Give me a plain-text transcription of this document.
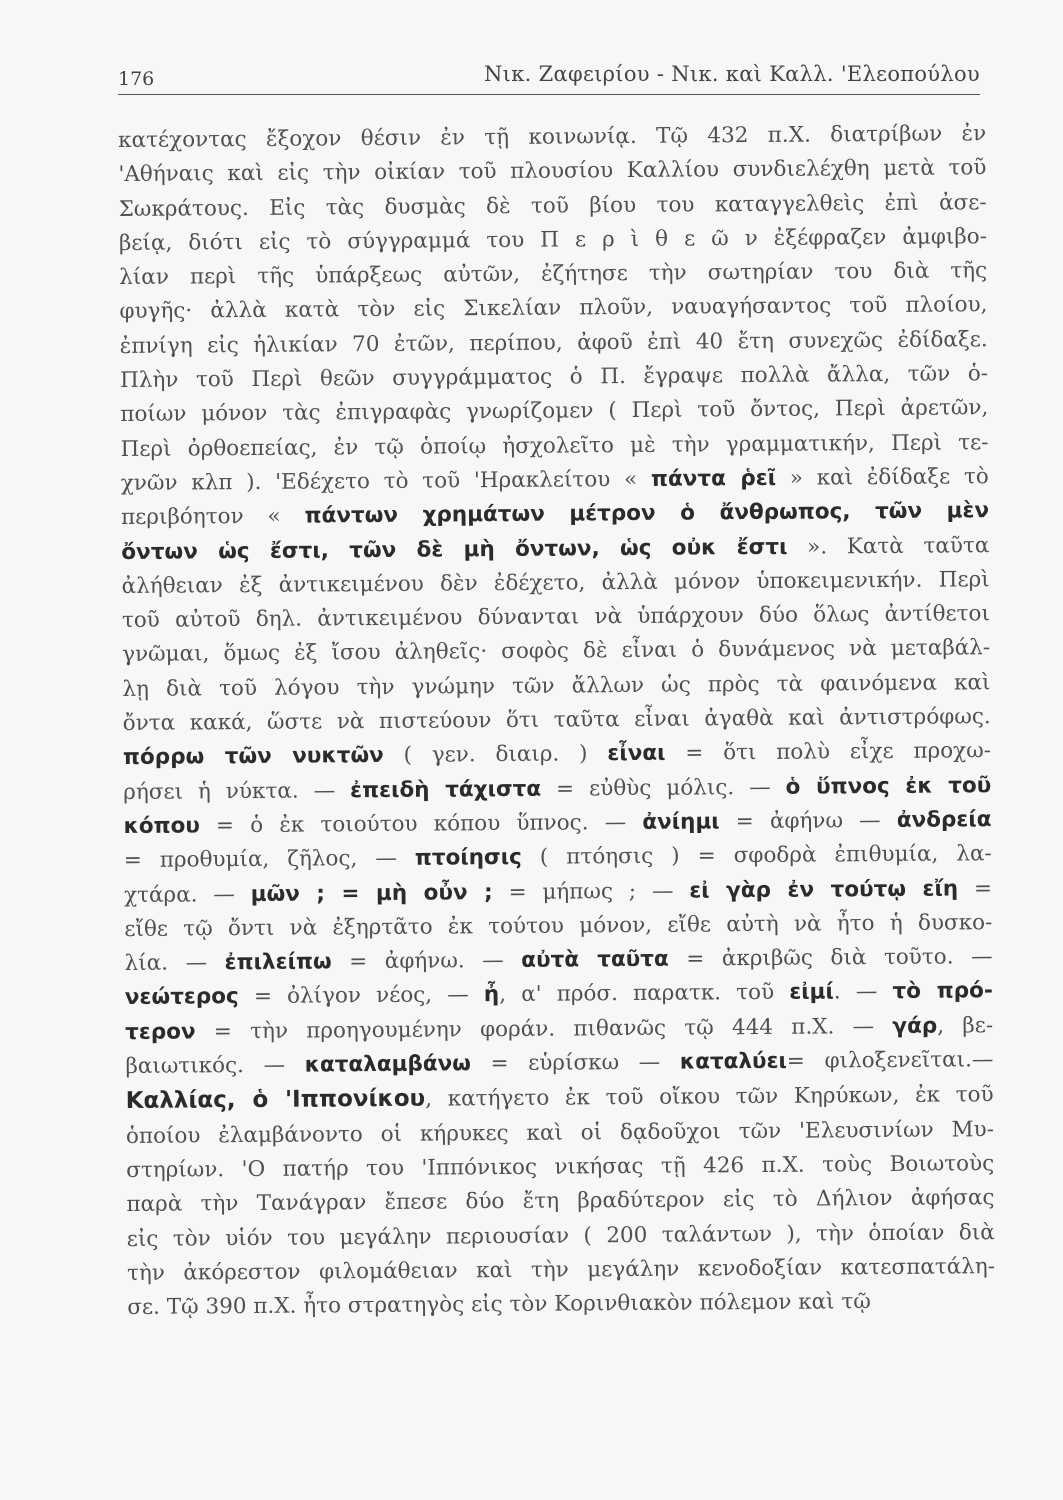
176	Νικ. Ζαφειρίου - Νικ. καὶ Καλλ. 'Ελεοπούλου
κατέχοντας ἔξοχον θέσιν ἐν τῇ κοινωνίᾳ. Τῷ 432 π.Χ. διατρίβων ἐν
'Αθήναις καὶ εἰς τὴν οἰκίαν τοῦ πλουσίου Καλλίου συνδιελέχθη μετὰ τοῦ
Σωκράτους. Εἰς τὰς δυσμὰς δὲ τοῦ βίου του καταγγελθεὶς ἐπὶ ἀσε-
βείᾳ, διότι εἰς τὸ σύγγραμμά του Π ε ρ ὶ θ ε ῶ ν ἐξέφραζεν ἀμφιβο-
λίαν περὶ τῆς ὑπάρξεως αὐτῶν, ἐζήτησε τὴν σωτηρίαν του διὰ τῆς
φυγῆς· ἀλλὰ κατὰ τὸν εἰς Σικελίαν πλοῦν, ναυαγήσαντος τοῦ πλοίου,
ἐπνίγη εἰς ἡλικίαν 70 ἐτῶν, περίπου, ἀφοῦ ἐπὶ 40 ἔτη συνεχῶς ἐδίδαξε.
Πλὴν τοῦ Περὶ θεῶν συγγράμματος ὁ Π. ἔγραψε πολλὰ ἄλλα, τῶν ὁ-
ποίων μόνον τὰς ἐπιγραφὰς γνωρίζομεν ( Περὶ τοῦ ὄντος, Περὶ ἀρετῶν,
Περὶ ὀρθοεπείας, ἐν τῷ ὁποίῳ ἠσχολεῖτο μὲ τὴν γραμματικήν, Περὶ τε-
χνῶν κλπ ). 'Εδέχετο τὸ τοῦ 'Ηρακλείτου « πάντα ῥεῖ » καὶ ἐδίδαξε τὸ
περιβόητον « πάντων χρημάτων μέτρον ὁ ἄνθρωπος, τῶν μὲν
ὄντων ὡς ἔστι, τῶν δὲ μὴ ὄντων, ὡς οὐκ ἔστι ». Κατὰ ταῦτα
ἀλήθειαν ἐξ ἀντικειμένου δὲν ἐδέχετο, ἀλλὰ μόνον ὑποκειμενικήν. Περὶ
τοῦ αὐτοῦ δηλ. ἀντικειμένου δύνανται νὰ ὑπάρχουν δύο ὅλως ἀντίθετοι
γνῶμαι, ὅμως ἐξ ἴσου ἀληθεῖς· σοφὸς δὲ εἶναι ὁ δυνάμενος νὰ μεταβάλ-
λῃ διὰ τοῦ λόγου τὴν γνώμην τῶν ἄλλων ὡς πρὸς τὰ φαινόμενα καὶ
ὄντα κακά, ὥστε νὰ πιστεύουν ὅτι ταῦτα εἶναι ἀγαθὰ καὶ ἀντιστρόφως.
πόρρω τῶν νυκτῶν ( γεν. διαιρ. ) εἶναι = ὅτι πολὺ εἶχε προχω-
ρήσει ἡ νύκτα. — ἐπειδὴ τάχιστα = εὐθὺς μόλις. — ὁ ὕπνος ἐκ τοῦ
κόπου = ὁ ἐκ τοιούτου κόπου ὕπνος. — ἀνίημι = ἀφήνω — ἀνδρεία
= προθυμία, ζῆλος, — πτοίησις ( πτόησις ) = σφοδρὰ ἐπιθυμία, λα-
χτάρα. — μῶν ; = μὴ οὖν ; = μήπως ; — εἰ γὰρ ἐν τούτῳ εἴη =
εἴθε τῷ ὄντι νὰ ἐξηρτᾶτο ἐκ τούτου μόνον, εἴθε αὐτὴ νὰ ἦτο ἡ δυσκο-
λία. — ἐπιλείπω = ἀφήνω. — αὐτὰ ταῦτα = ἀκριβῶς διὰ τοῦτο. —
νεώτερος = ὀλίγον νέος, — ἦ, α' πρόσ. παρατκ. τοῦ εἰμί. — τὸ πρό-
τερον = τὴν προηγουμένην φοράν. πιθανῶς τῷ 444 π.Χ. — γάρ, βε-
βαιωτικός. — καταλαμβάνω = εὑρίσκω — καταλύει= φιλοξενεῖται.—
Καλλίας, ὁ 'Ιππονίκου, κατήγετο ἐκ τοῦ οἴκου τῶν Κηρύκων, ἐκ τοῦ
ὁποίου ἐλαμβάνοντο οἱ κήρυκες καὶ οἱ δᾳδοῦχοι τῶν 'Ελευσινίων Μυ-
στηρίων. 'Ο πατήρ του 'Ιππόνικος νικήσας τῇ 426 π.Χ. τοὺς Βοιωτοὺς
παρὰ τὴν Τανάγραν ἔπεσε δύο ἔτη βραδύτερον εἰς τὸ Δήλιον ἀφήσας
εἰς τὸν υἱόν του μεγάλην περιουσίαν ( 200 ταλάντων ), τὴν ὁποίαν διὰ
τὴν ἀκόρεστον φιλομάθειαν καὶ τὴν μεγάλην κενοδοξίαν κατεσπατάλη-
σε. Τῷ 390 π.Χ. ἦτο στρατηγὸς εἰς τὸν Κορινθιακὸν πόλεμον καὶ τῷ
